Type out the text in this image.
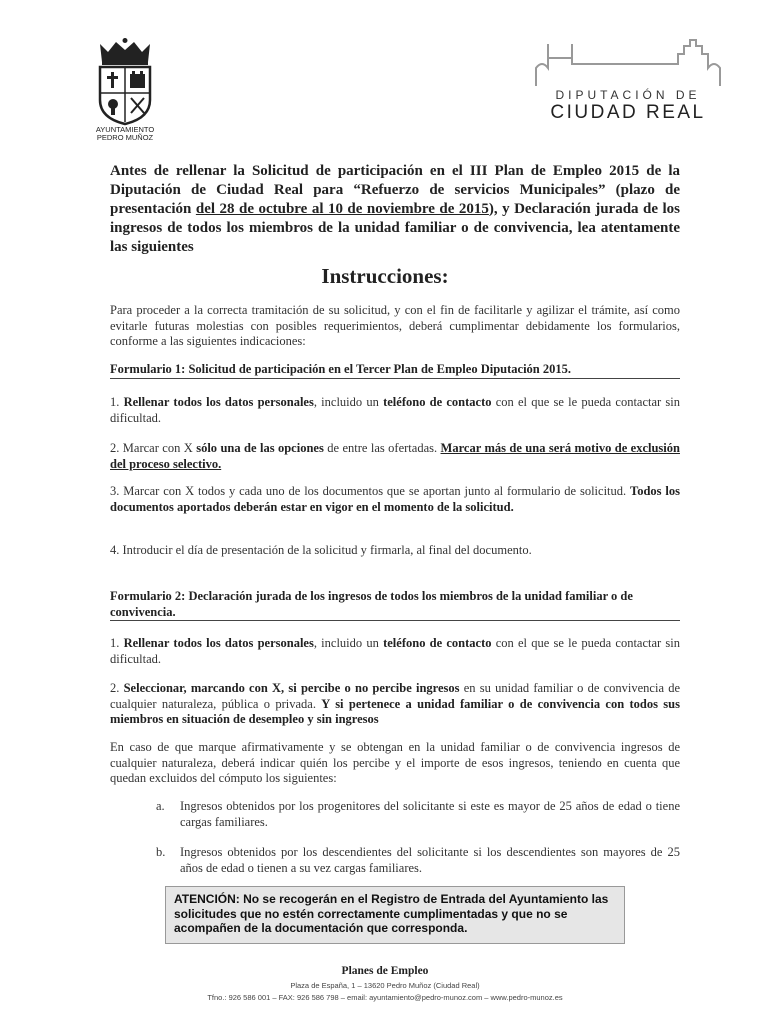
AYUNTAMIENTO
PEDRO MUÑOZ
DIPUTACIÓN DE
CIUDAD REAL
Antes de rellenar la Solicitud de participación en el III Plan de Empleo 2015 de la Diputación de Ciudad Real para “Refuerzo de servicios Municipales” (plazo de presentación del 28 de octubre al 10 de noviembre de 2015), y Declaración jurada de los ingresos de todos los miembros de la unidad familiar o de convivencia, lea atentamente las siguientes
Instrucciones:
Para proceder a la correcta tramitación de su solicitud, y con el fin de facilitarle y agilizar el trámite, así como evitarle futuras molestias con posibles requerimientos, deberá cumplimentar debidamente los formularios, conforme a las siguientes indicaciones:
Formulario 1: Solicitud de participación en el Tercer Plan de Empleo Diputación 2015.
1. Rellenar todos los datos personales, incluido un teléfono de contacto con el que se le pueda contactar sin dificultad.
2. Marcar con X sólo una de las opciones de entre las ofertadas. Marcar más de una será motivo de exclusión del proceso selectivo.
3. Marcar con X todos y cada uno de los documentos que se aportan junto al formulario de solicitud. Todos los documentos aportados deberán estar en vigor en el momento de la solicitud.
4. Introducir el día de presentación de la solicitud y firmarla, al final del documento.
Formulario 2: Declaración jurada de los ingresos de todos los miembros de la unidad familiar o de convivencia.
1. Rellenar todos los datos personales, incluido un teléfono de contacto con el que se le pueda contactar sin dificultad.
2. Seleccionar, marcando con X, si percibe o no percibe ingresos en su unidad familiar o de convivencia de cualquier naturaleza, pública o privada. Y si pertenece a unidad familiar o de convivencia con todos sus miembros en situación de desempleo y sin ingresos
En caso de que marque afirmativamente y se obtengan en la unidad familiar o de convivencia ingresos de cualquier naturaleza, deberá indicar quién los percibe y el importe de esos ingresos, teniendo en cuenta que quedan excluidos del cómputo los siguientes:
a. Ingresos obtenidos por los progenitores del solicitante si este es mayor de 25 años de edad o tiene cargas familiares.
b. Ingresos obtenidos por los descendientes del solicitante si los descendientes son mayores de 25 años de edad o tienen a su vez cargas familiares.
ATENCIÓN: No se recogerán en el Registro de Entrada del Ayuntamiento las solicitudes que no estén correctamente cumplimentadas y que no se acompañen de la documentación que corresponda.
Planes de Empleo
Plaza de España, 1 – 13620 Pedro Muñoz (Ciudad Real)
Tfno.: 926 586 001 – FAX: 926 586 798 – email: ayuntamiento@pedro-munoz.com – www.pedro-munoz.es
